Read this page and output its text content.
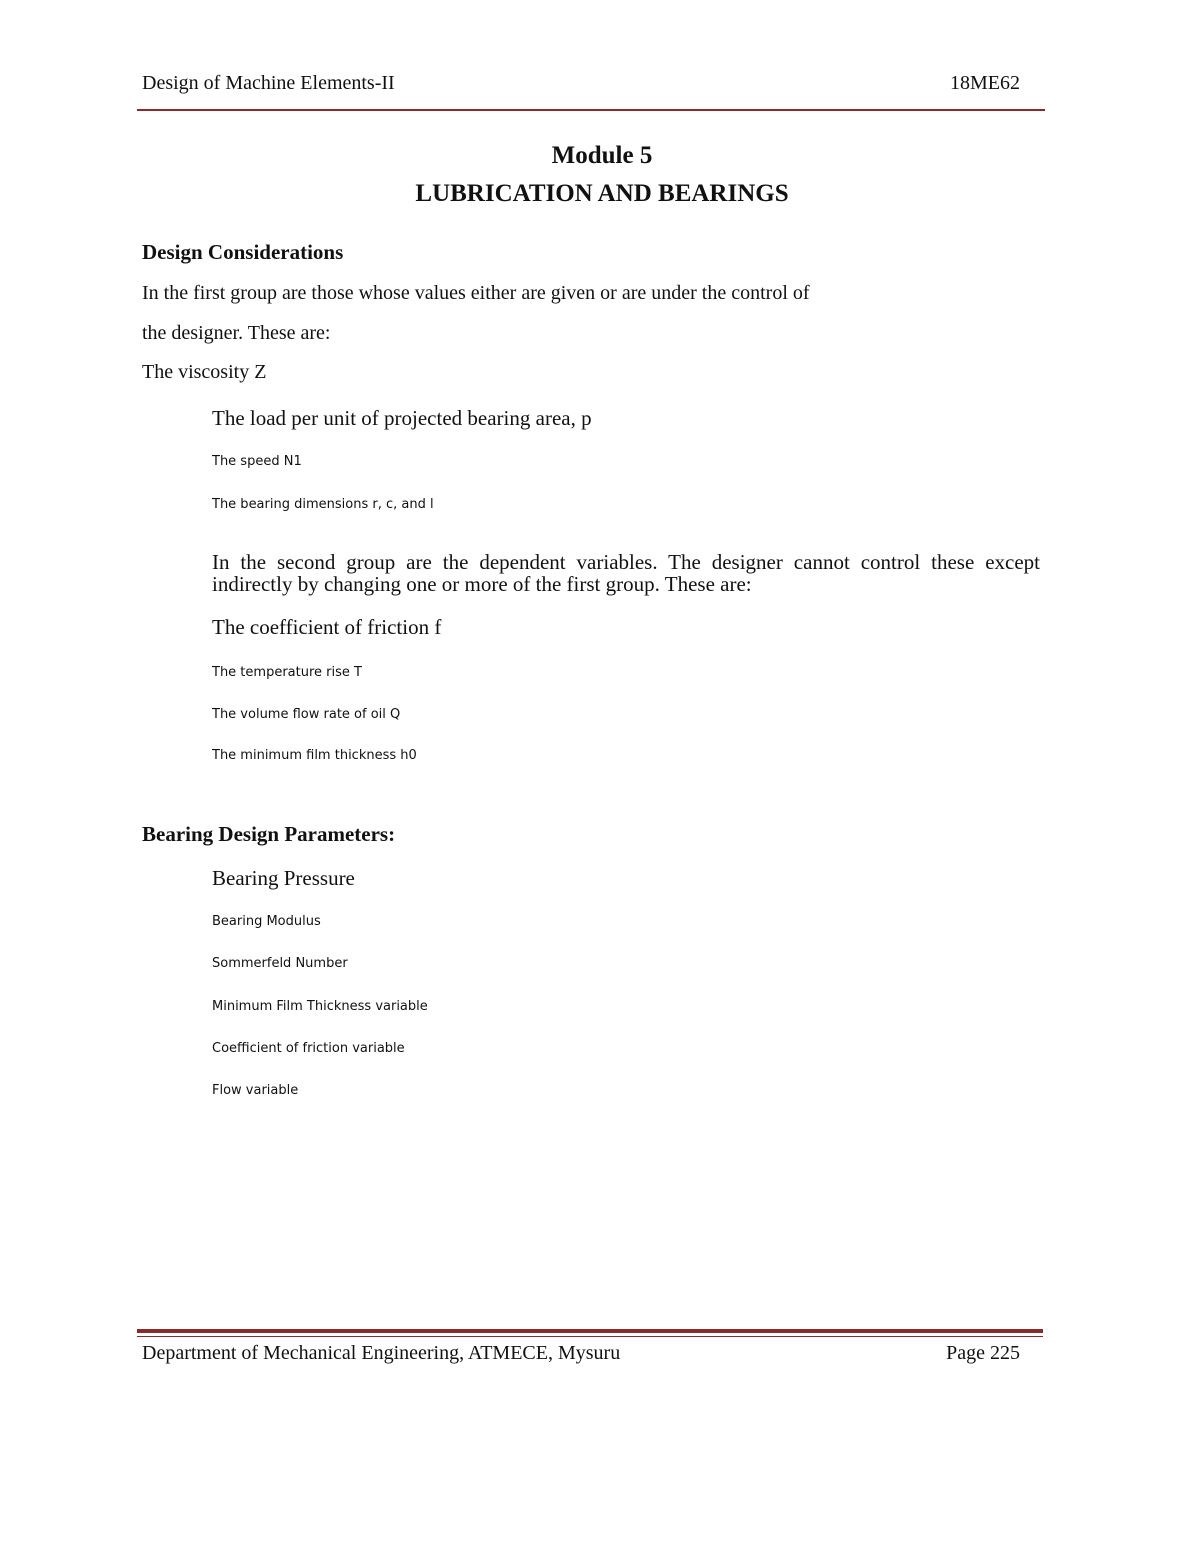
Design of Machine Elements-II	18ME62
Module 5
LUBRICATION AND BEARINGS
Design Considerations
In the first group are those whose values either are given or are under the control of
the designer. These are:
The viscosity Z
The load per unit of projected bearing area, p
The speed N1
The bearing dimensions r, c, and l
In the second group are the dependent variables. The designer cannot control these except indirectly by changing one or more of the first group. These are:
The coefficient of friction f
The temperature rise T
The volume flow rate of oil Q
The minimum film thickness h0
Bearing Design Parameters:
Bearing Pressure
Bearing Modulus
Sommerfeld Number
Minimum Film Thickness variable
Coefficient of friction variable
Flow variable
Department of Mechanical Engineering, ATMECE, Mysuru	Page 225
